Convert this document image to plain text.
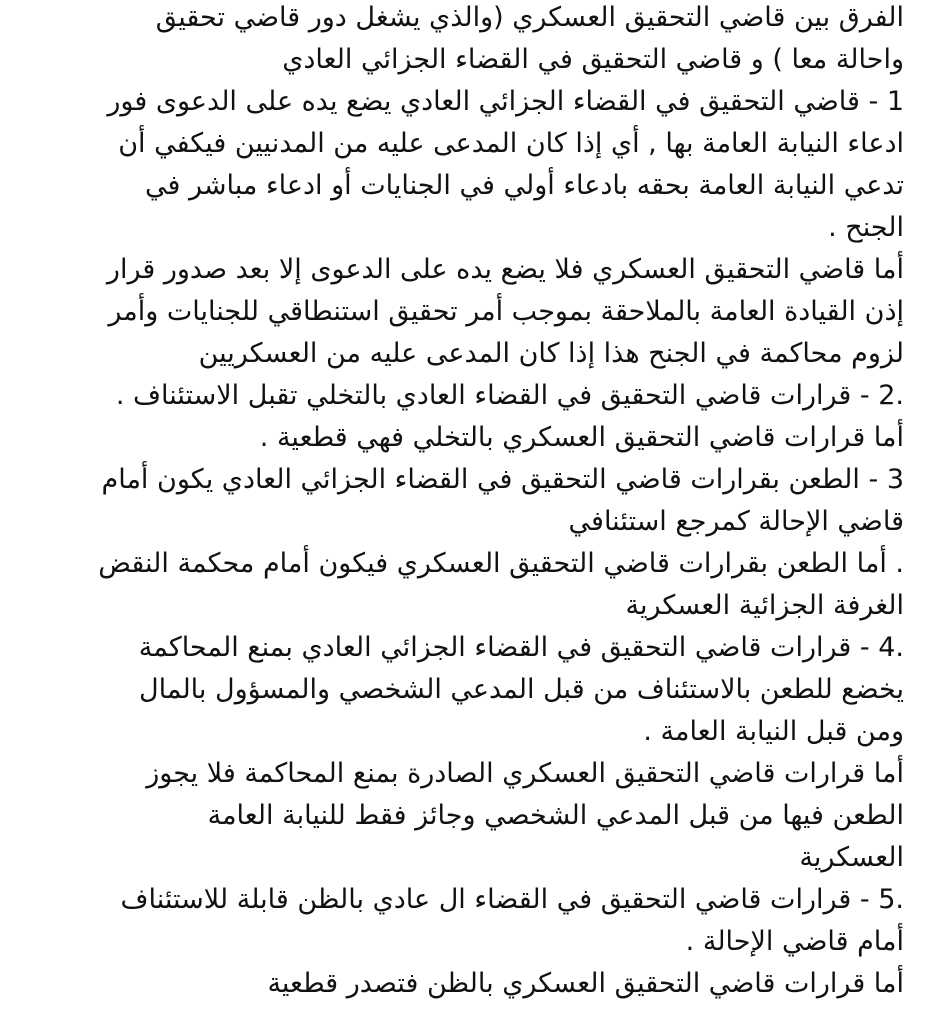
الفرق بين قاضي التحقيق العسكري (والذي يشغل دور قاضي تحقيق
واحالة معا ) و قاضي التحقيق في القضاء الجزائي العادي
1 - قاضي التحقيق في القضاء الجزائي العادي يضع يده على الدعوى فور
ادعاء النيابة العامة بها , أي إذا كان المدعى عليه من المدنيين فيكفي أن
تدعي النيابة العامة بحقه بادعاء أولي في الجنايات أو ادعاء مباشر في
الجنح .
أما قاضي التحقيق العسكري فلا يضع يده على الدعوى إلا بعد صدور قرار
إذن القيادة العامة بالملاحقة بموجب أمر تحقيق استنطاقي للجنايات وأمر
لزوم محاكمة في الجنح هذا إذا كان المدعى عليه من العسكريين
.2 - قرارات قاضي التحقيق في القضاء العادي بالتخلي تقبل الاستئناف .
أما قرارات قاضي التحقيق العسكري بالتخلي فهي قطعية .
3 - الطعن بقرارات قاضي التحقيق في القضاء الجزائي العادي يكون أمام
قاضي الإحالة كمرجع استئنافي
. أما الطعن بقرارات قاضي التحقيق العسكري فيكون أمام محكمة النقض
الغرفة الجزائية العسكرية
.4 - قرارات قاضي التحقيق في القضاء الجزائي العادي بمنع المحاكمة
يخضع للطعن بالاستئناف من قبل المدعي الشخصي والمسؤول بالمال
ومن قبل النيابة العامة .
أما قرارات قاضي التحقيق العسكري الصادرة بمنع المحاكمة فلا يجوز
الطعن فيها من قبل المدعي الشخصي وجائز فقط للنيابة العامة
العسكرية
.5 - قرارات قاضي التحقيق في القضاء ال عادي بالظن قابلة للاستئناف
أمام قاضي الإحالة .
أما قرارات قاضي التحقيق العسكري بالظن فتصدر قطعية
